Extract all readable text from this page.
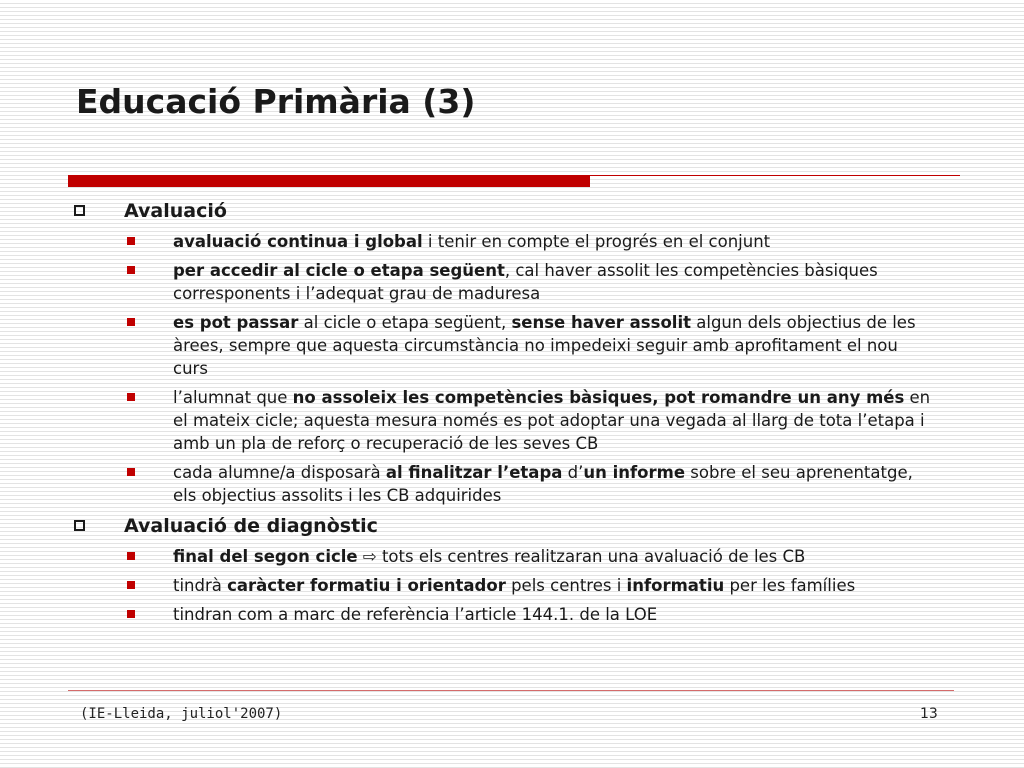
Educació Primària (3)
Avaluació
avaluació continua i global i tenir en compte el progrés en el conjunt
per accedir al cicle o etapa següent, cal haver assolit les competències bàsiques corresponents i l’adequat grau de maduresa
es pot passar al cicle o etapa següent, sense haver assolit algun dels objectius de les àrees, sempre que aquesta circumstància no impedeixi seguir amb aprofitament el nou curs
l’alumnat que no assoleix les competències bàsiques, pot romandre un any més en el mateix cicle; aquesta mesura només es pot adoptar una vegada al llarg de tota l’etapa i amb un pla de reforç o recuperació de les seves CB
cada alumne/a disposarà al finalitzar l’etapa d’un informe sobre el seu aprenentatge, els objectius assolits i les CB adquirides
Avaluació de diagnòstic
final del segon cicle ⇨ tots els centres realitzaran una avaluació de les CB
tindrà caràcter formatiu i orientador pels centres i informatiu per les famílies
tindran com a marc de referència l’article 144.1. de la LOE
(IE-Lleida, juliol'2007)	13
